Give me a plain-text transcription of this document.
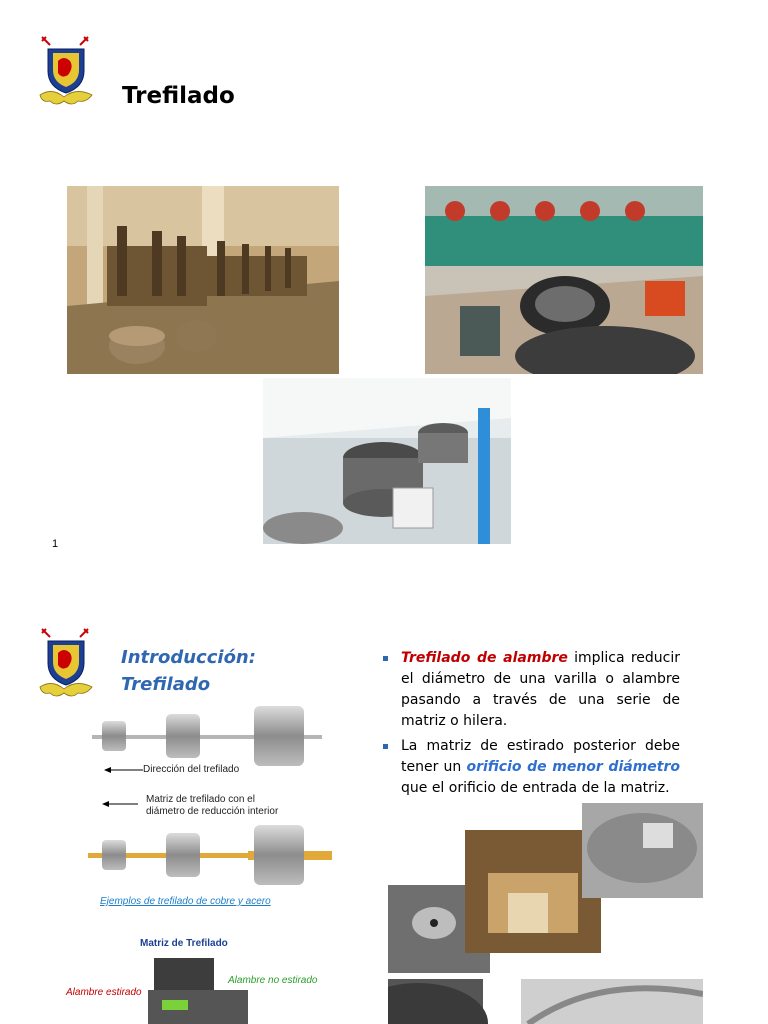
Trefilado
1
Introducción:
Trefilado
Dirección del trefilado
Matriz de trefilado con el
diámetro de reducción interior
Ejemplos de trefilado de cobre y acero
Matriz de Trefilado
Alambre estirado
Alambre no estirado
Trefilado de alambre implica reducir el diámetro de una varilla o alambre pasando a través de una serie de matriz o hilera.
La matriz de estirado posterior debe tener un orificio de menor diámetro que el orificio de entrada de la matriz.
